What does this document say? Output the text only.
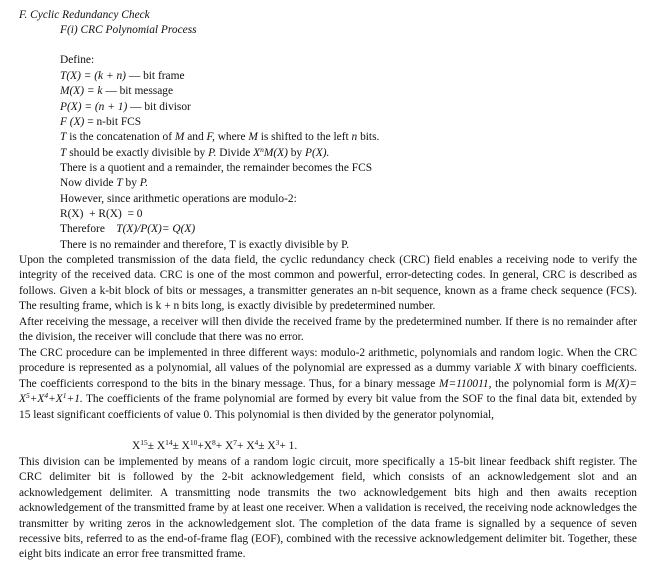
F. Cyclic Redundancy Check
F(i) CRC Polynomial Process
Define:
T(X) = (k + n) — bit frame
M(X) = k — bit message
P(X) = (n + 1) — bit divisor
F (X) = n-bit FCS
T is the concatenation of M and F, where M is shifted to the left n bits.
T should be exactly divisible by P. Divide $X^nM(X)$ by P(X).
There is a quotient and a remainder, the remainder becomes the FCS
Now divide T by P.
However, since arithmetic operations are modulo-2:
R(X)  + R(X)  = 0
Therefore    T(X)/P(X)= Q(X)
There is no remainder and therefore, T is exactly divisible by P.

Upon the completed transmission of the data field, the cyclic redundancy check (CRC) field enables a receiving node to verify the integrity of the received data. CRC is one of the most common and powerful, error-detecting codes. In general, CRC is described as follows. Given a k-bit block of bits or messages, a transmitter generates an n-bit sequence, known as a frame check sequence (FCS). The resulting frame, which is k + n bits long, is exactly divisible by predetermined number.

After receiving the message, a receiver will then divide the received frame by the predetermined number. If there is no remainder after the division, the receiver will conclude that there was no error.

The CRC procedure can be implemented in three different ways: modulo-2 arithmetic, polynomials and random logic. When the CRC procedure is represented as a polynomial, all values of the polynomial are expressed as a dummy variable X with binary coefficients. The coefficients correspond to the bits in the binary message. Thus, for a binary message M=110011, the polynomial form is $M(X)= X^5+X^4+X^1+1$. The coefficients of the frame polynomial are formed by every bit value from the SOF to the final data bit, extended by 15 least significant coefficients of value 0. This polynomial is then divided by the generator polynomial,

$X^{15}\pm X^{14}\pm X^{10}+X^8+ X^7+ X^4\pm X^3+ 1$.

This division can be implemented by means of a random logic circuit, more specifically a 15-bit linear feedback shift register. The CRC delimiter bit is followed by the 2-bit acknowledgement field, which consists of an acknowledgement slot and an acknowledgement delimiter. A transmitting node transmits the two acknowledgement bits high and then awaits reception acknowledgement of the transmitted frame by at least one receiver. When a validation is received, the receiving node acknowledges the transmitter by writing zeros in the acknowledgement slot. The completion of the data frame is signalled by a sequence of seven recessive bits, referred to as the end-of-frame flag (EOF), combined with the recessive acknowledgement delimiter bit. Together, these eight bits indicate an error free transmitted frame.
